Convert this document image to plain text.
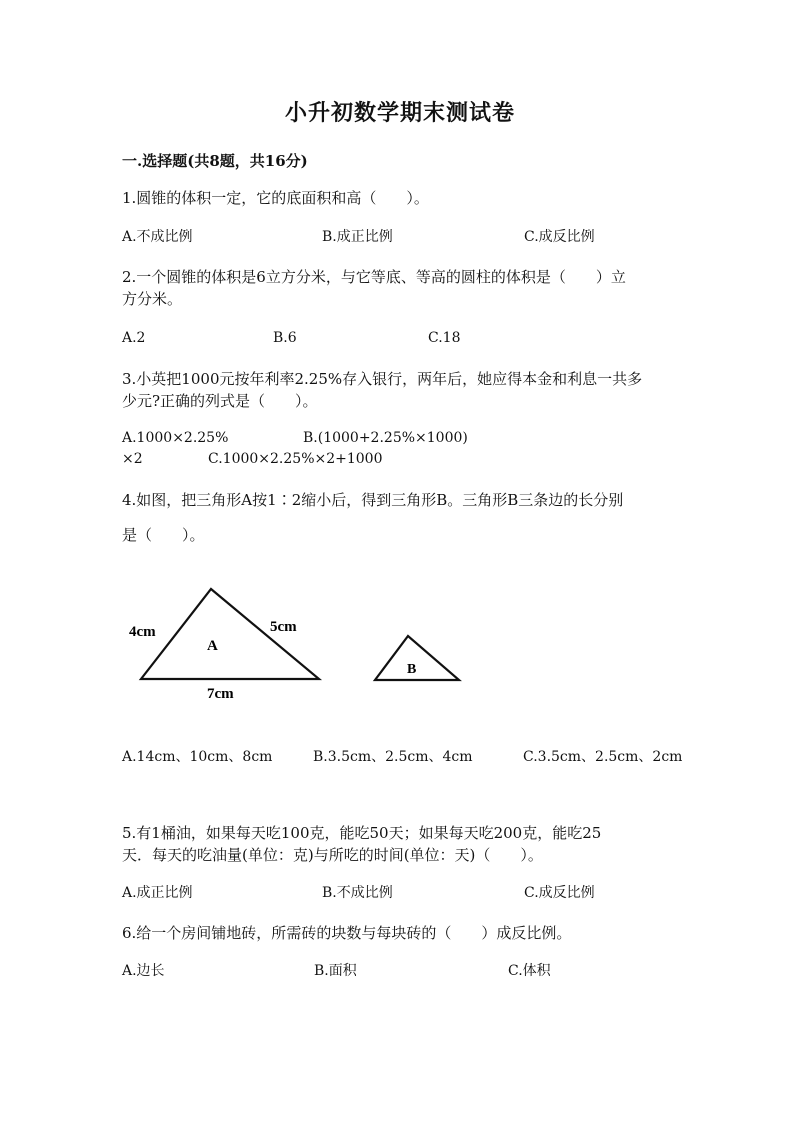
小升初数学期末测试卷
一.选择题(共8题，共16分)
1.圆锥的体积一定，它的底面积和高（　　）。
A.不成比例	B.成正比例	C.成反比例
2.一个圆锥的体积是6立方分米，与它等底、等高的圆柱的体积是（　　）立
方分米。
A.2	B.6	C.18
3.小英把1000元按年利率2.25%存入银行，两年后，她应得本金和利息一共多
少元?正确的列式是（　　）。
A.1000×2.25%	B.(1000+2.25%×1000)
×2	C.1000×2.25%×2+1000
4.如图，把三角形A按1∶2缩小后，得到三角形B。三角形B三条边的长分别
是（　　）。
4cm	5cm
7cm
A
B
A.14cm、10cm、8cm	B.3.5cm、2.5cm、4cm	C.3.5cm、2.5cm、2cm
5.有1桶油，如果每天吃100克，能吃50天；如果每天吃200克，能吃25
天．每天的吃油量(单位：克)与所吃的时间(单位：天)（　　）。
A.成正比例	B.不成比例	C.成反比例
6.给一个房间铺地砖，所需砖的块数与每块砖的（　　）成反比例。
A.边长	B.面积	C.体积
